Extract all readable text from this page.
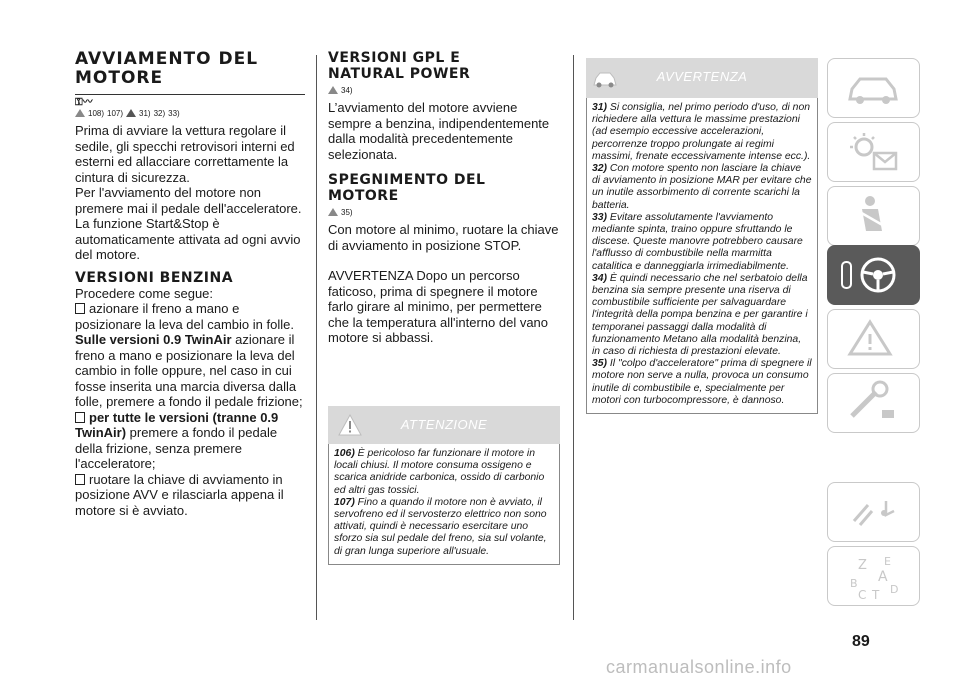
AVVIAMENTO DEL
MOTORE
⚿〰
108) 107) 31) 32) 33)

Prima di avviare la vettura regolare il sedile, gli specchi retrovisori interni ed esterni ed allacciare correttamente la cintura di sicurezza.

Per l'avviamento del motore non premere mai il pedale dell'acceleratore. La funzione Start&Stop è automaticamente attivata ad ogni avvio del motore.

VERSIONI BENZINA

Procedere come segue:

azionare il freno a mano e posizionare la leva del cambio in folle.

Sulle versioni 0.9 TwinAir azionare il freno a mano e posizionare la leva del cambio in folle oppure, nel caso in cui fosse inserita una marcia diversa dalla folle, premere a fondo il pedale frizione;

per tutte le versioni (tranne 0.9 TwinAir) premere a fondo il pedale della frizione, senza premere l'acceleratore;

ruotare la chiave di avviamento in posizione AVV e rilasciarla appena il motore si è avviato.

VERSIONI GPL E
NATURAL POWER
34)

L’avviamento del motore avviene sempre a benzina, indipendentemente dalla modalità precedentemente selezionata.

SPEGNIMENTO DEL
MOTORE
35)

Con motore al minimo, ruotare la chiave di avviamento in posizione STOP.

AVVERTENZA Dopo un percorso faticoso, prima di spegnere il motore farlo girare al minimo, per permettere che la temperatura all'interno del vano motore si abbassi.

ATTENZIONE
106) È pericoloso far funzionare il motore in locali chiusi. Il motore consuma ossigeno e scarica anidride carbonica, ossido di carbonio ed altri gas tossici.
107) Fino a quando il motore non è avviato, il servofreno ed il servosterzo elettrico non sono attivati, quindi è necessario esercitare uno sforzo sia sul pedale del freno, sia sul volante, di gran lunga superiore all'usuale.
AVVERTENZA
31) Si consiglia, nel primo periodo d'uso, di non richiedere alla vettura le massime prestazioni (ad esempio eccessive accelerazioni, percorrenze troppo prolungate ai regimi massimi, frenate eccessivamente intense ecc.).
32) Con motore spento non lasciare la chiave di avviamento in posizione MAR per evitare che un inutile assorbimento di corrente scarichi la batteria.
33) Evitare assolutamente l'avviamento mediante spinta, traino oppure sfruttando le discese. Queste manovre potrebbero causare l'afflusso di combustibile nella marmitta catalitica e danneggiarla irrimediabilmente.
34) È quindi necessario che nel serbatoio della benzina sia sempre presente una riserva di combustibile sufficiente per salvaguardare l'integrità della pompa benzina e per garantire i temporanei passaggi dalla modalità di funzionamento Metano alla modalità benzina, in caso di richiesta di prestazioni elevate.
35) Il "colpo d'acceleratore" prima di spegnere il motore non serve a nulla, provoca un consumo inutile di combustibile e, specialmente per motori con turbocompressore, è dannoso.
Z E
A
B
C T D
89
carmanualsonline.info
